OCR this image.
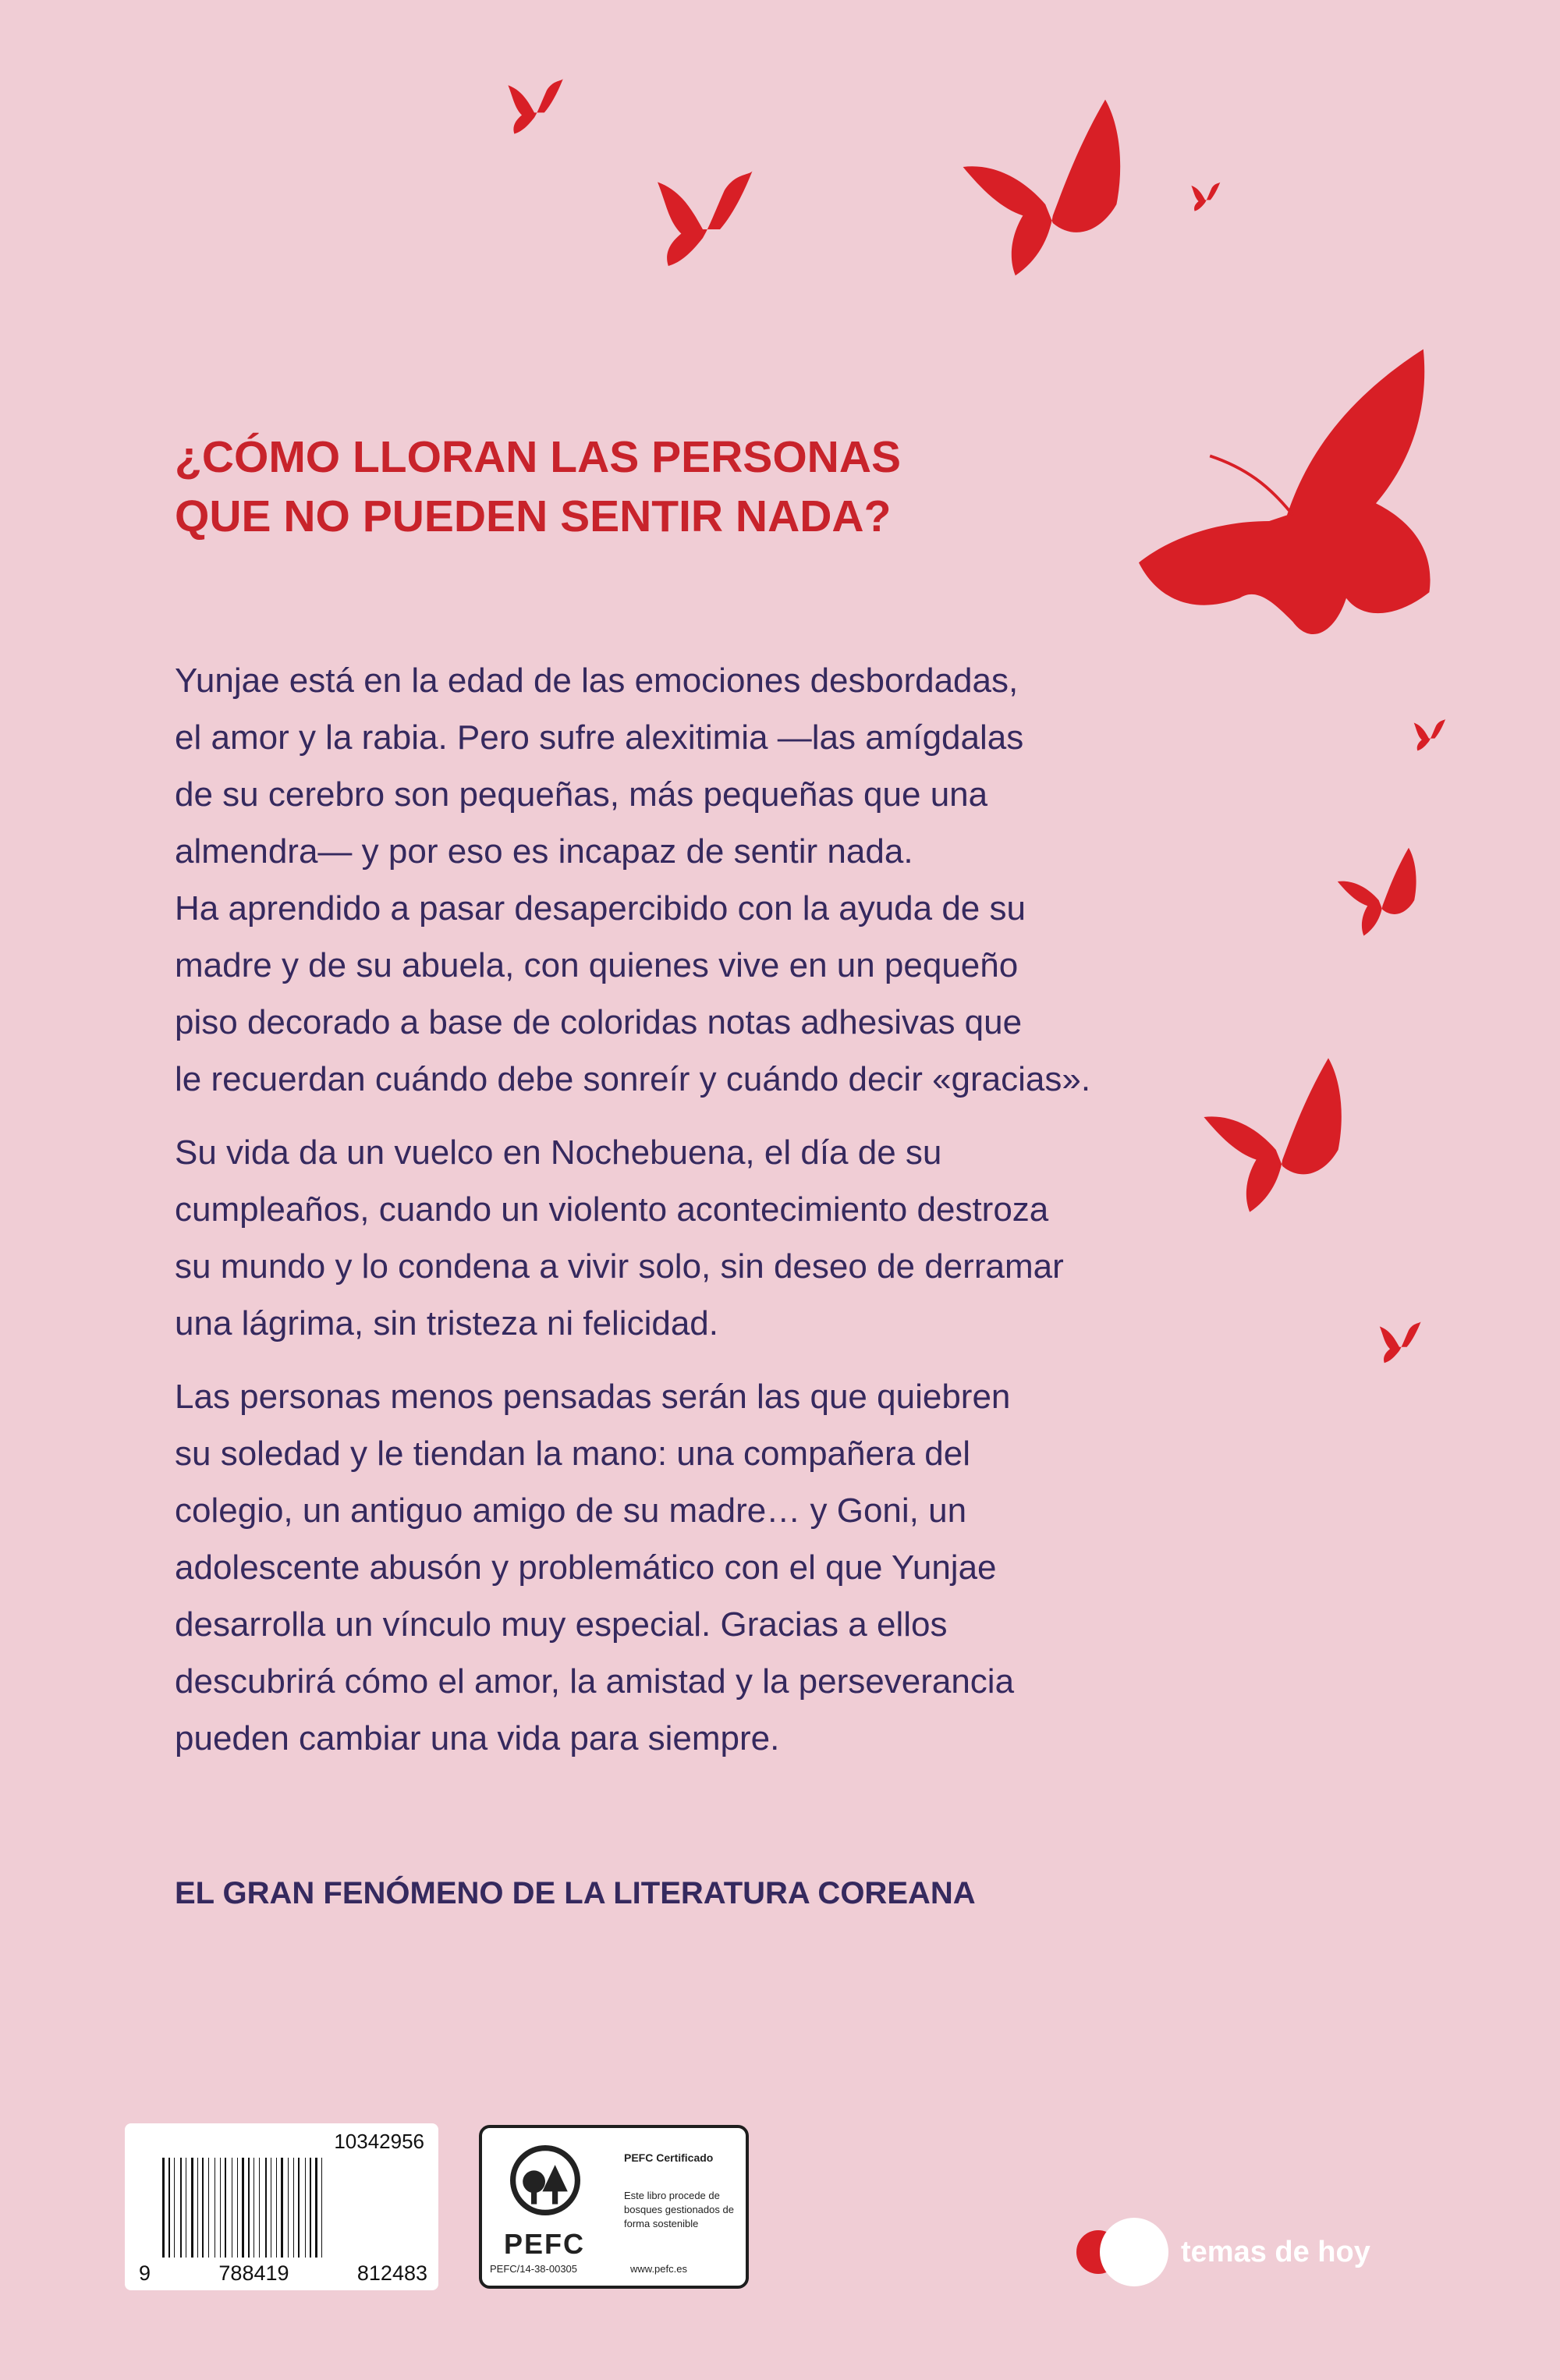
¿CÓMO LLORAN LAS PERSONAS
QUE NO PUEDEN SENTIR NADA?

Yunjae está en la edad de las emociones desbordadas,
el amor y la rabia. Pero sufre alexitimia —las amígdalas
de su cerebro son pequeñas, más pequeñas que una
almendra— y por eso es incapaz de sentir nada.
Ha aprendido a pasar desapercibido con la ayuda de su
madre y de su abuela, con quienes vive en un pequeño
piso decorado a base de coloridas notas adhesivas que
le recuerdan cuándo debe sonreír y cuándo decir «gracias».

Su vida da un vuelco en Nochebuena, el día de su
cumpleaños, cuando un violento acontecimiento destroza
su mundo y lo condena a vivir solo, sin deseo de derramar
una lágrima, sin tristeza ni felicidad.

Las personas menos pensadas serán las que quiebren
su soledad y le tiendan la mano: una compañera del
colegio, un antiguo amigo de su madre… y Goni, un
adolescente abusón y problemático con el que Yunjae
desarrolla un vínculo muy especial. Gracias a ellos
descubrirá cómo el amor, la amistad y la perseverancia
pueden cambiar una vida para siempre.

EL GRAN FENÓMENO DE LA LITERATURA COREANA
10342956
9	788419	812483
PEFC
PEFC/14-38-00305
PEFC Certificado
Este libro procede de bosques gestionados de forma sostenible
www.pefc.es
temas de hoy
